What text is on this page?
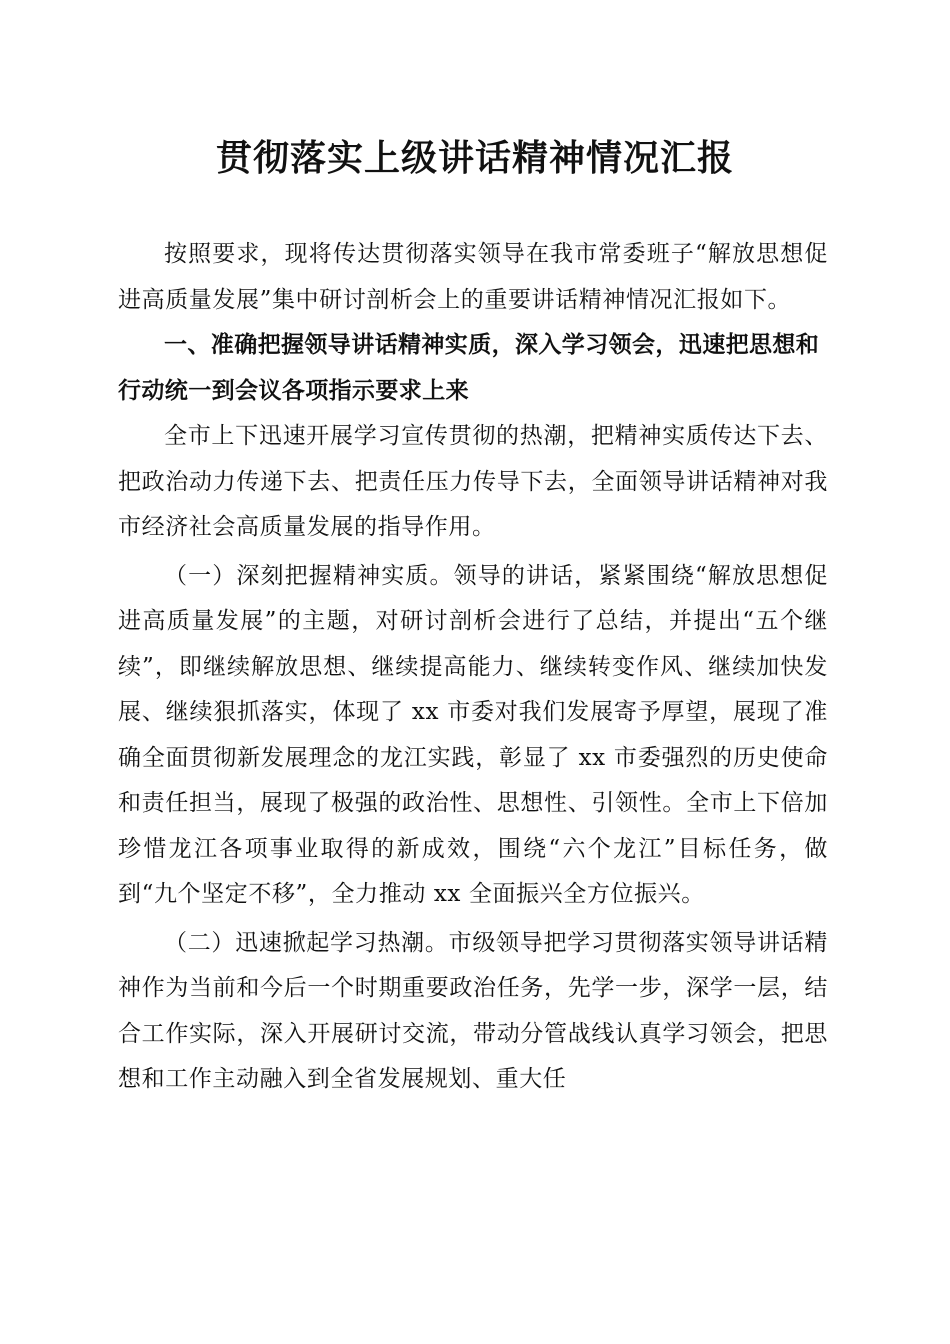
贯彻落实上级讲话精神情况汇报

按照要求，现将传达贯彻落实领导在我市常委班子“解放思想促进高质量发展”集中研讨剖析会上的重要讲话精神情况汇报如下。

一、准确把握领导讲话精神实质，深入学习领会，迅速把思想和行动统一到会议各项指示要求上来

全市上下迅速开展学习宣传贯彻的热潮，把精神实质传达下去、把政治动力传递下去、把责任压力传导下去，全面领导讲话精神对我市经济社会高质量发展的指导作用。

（一）深刻把握精神实质。领导的讲话，紧紧围绕“解放思想促进高质量发展”的主题，对研讨剖析会进行了总结，并提出“五个继续”，即继续解放思想、继续提高能力、继续转变作风、继续加快发展、继续狠抓落实，体现了 xx 市委对我们发展寄予厚望，展现了准确全面贯彻新发展理念的龙江实践，彰显了 xx 市委强烈的历史使命和责任担当，展现了极强的政治性、思想性、引领性。全市上下倍加珍惜龙江各项事业取得的新成效，围绕“六个龙江”目标任务，做到“九个坚定不移”，全力推动 xx 全面振兴全方位振兴。

（二）迅速掀起学习热潮。市级领导把学习贯彻落实领导讲话精神作为当前和今后一个时期重要政治任务，先学一步，深学一层，结合工作实际，深入开展研讨交流，带动分管战线认真学习领会，把思想和工作主动融入到全省发展规划、重大任
